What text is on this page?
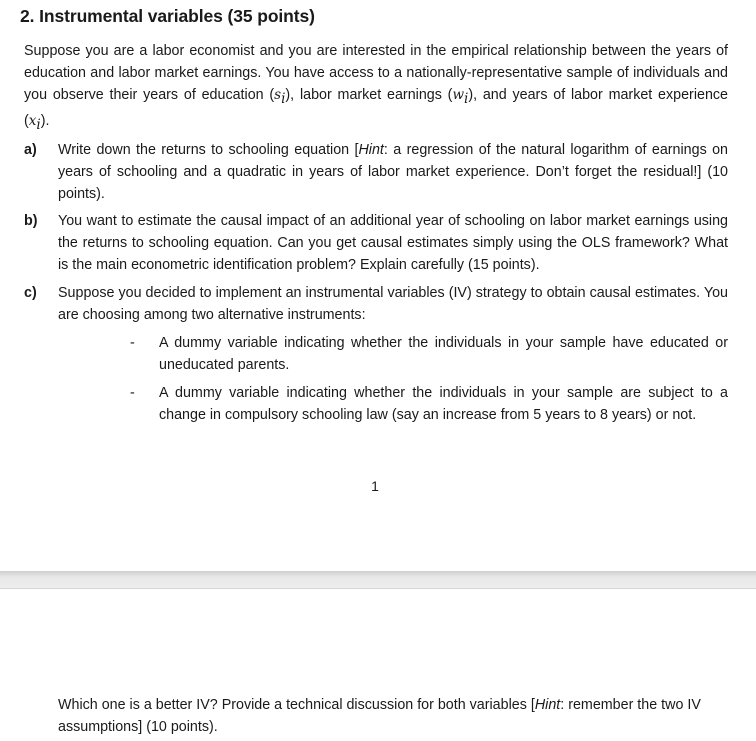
2. Instrumental variables (35 points)
Suppose you are a labor economist and you are interested in the empirical relationship between the years of education and labor market earnings. You have access to a nationally-representative sample of individuals and you observe their years of education $(s_i)$, labor market earnings $(w_i)$, and years of labor market experience $(x_i)$.
a) Write down the returns to schooling equation [Hint: a regression of the natural logarithm of earnings on years of schooling and a quadratic in years of labor market experience. Don’t forget the residual!] (10 points).
b) You want to estimate the causal impact of an additional year of schooling on labor market earnings using the returns to schooling equation. Can you get causal estimates simply using the OLS framework? What is the main econometric identification problem? Explain carefully (15 points).
c) Suppose you decided to implement an instrumental variables (IV) strategy to obtain causal estimates. You are choosing among two alternative instruments:
- A dummy variable indicating whether the individuals in your sample have educated or uneducated parents.
- A dummy variable indicating whether the individuals in your sample are subject to a change in compulsory schooling law (say an increase from 5 years to 8 years) or not.
1
Which one is a better IV? Provide a technical discussion for both variables [Hint: remember the two IV assumptions] (10 points).
